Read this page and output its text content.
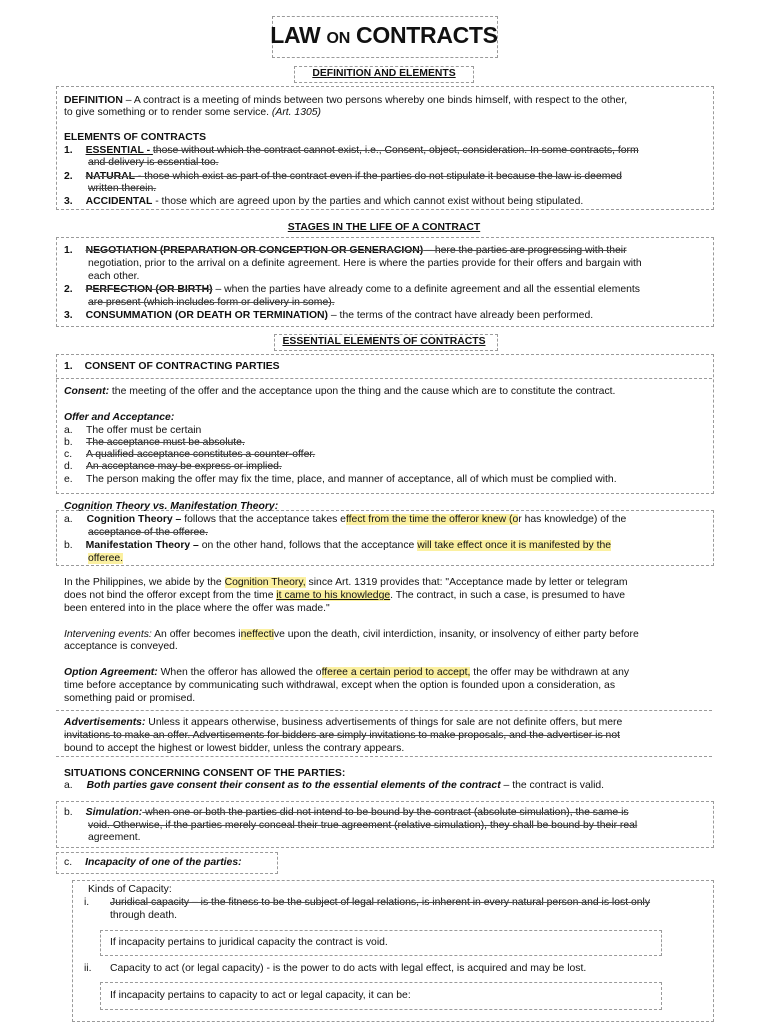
LAW ON CONTRACTS
DEFINITION AND ELEMENTS
DEFINITION – A contract is a meeting of minds between two persons whereby one binds himself, with respect to the other,
to give something or to render some service. (Art. 1305)
ELEMENTS OF CONTRACTS
1. ESSENTIAL - those without which the contract cannot exist, i.e., Consent, object, consideration. In some contracts, form
and delivery is essential too.
2. NATURAL - those which exist as part of the contract even if the parties do not stipulate it because the law is deemed
written therein.
3. ACCIDENTAL - those which are agreed upon by the parties and which cannot exist without being stipulated.
STAGES IN THE LIFE OF A CONTRACT
1. NEGOTIATION (PREPARATION OR CONCEPTION OR GENERACION) – here the parties are progressing with their
negotiation, prior to the arrival on a definite agreement. Here is where the parties provide for their offers and bargain with
each other.
2. PERFECTION (OR BIRTH) – when the parties have already come to a definite agreement and all the essential elements
are present (which includes form or delivery in some).
3. CONSUMMATION (OR DEATH OR TERMINATION) – the terms of the contract have already been performed.
ESSENTIAL ELEMENTS OF CONTRACTS
1. CONSENT OF CONTRACTING PARTIES
Consent: the meeting of the offer and the acceptance upon the thing and the cause which are to constitute the contract.
Offer and Acceptance:
a. The offer must be certain
b. The acceptance must be absolute.
c. A qualified acceptance constitutes a counter-offer.
d. An acceptance may be express or implied.
e. The person making the offer may fix the time, place, and manner of acceptance, all of which must be complied with.
Cognition Theory vs. Manifestation Theory:
a. Cognition Theory – follows that the acceptance takes effect from the time the offeror knew (or has knowledge) of the
acceptance of the offeree.
b. Manifestation Theory – on the other hand, follows that the acceptance will take effect once it is manifested by the
offeree.
In the Philippines, we abide by the Cognition Theory, since Art. 1319 provides that: "Acceptance made by letter or telegram
does not bind the offeror except from the time it came to his knowledge. The contract, in such a case, is presumed to have
been entered into in the place where the offer was made."
Intervening events: An offer becomes ineffective upon the death, civil interdiction, insanity, or insolvency of either party before
acceptance is conveyed.
Option Agreement: When the offeror has allowed the offeree a certain period to accept, the offer may be withdrawn at any
time before acceptance by communicating such withdrawal, except when the option is founded upon a consideration, as
something paid or promised.
Advertisements: Unless it appears otherwise, business advertisements of things for sale are not definite offers, but mere
invitations to make an offer. Advertisements for bidders are simply invitations to make proposals, and the advertiser is not
bound to accept the highest or lowest bidder, unless the contrary appears.
SITUATIONS CONCERNING CONSENT OF THE PARTIES:
a. Both parties gave consent their consent as to the essential elements of the contract – the contract is valid.
b. Simulation: when one or both the parties did not intend to be bound by the contract (absolute simulation), the same is
void. Otherwise, if the parties merely conceal their true agreement (relative simulation), they shall be bound by their real
agreement.
c. Incapacity of one of the parties:
Kinds of Capacity:
i. Juridical capacity – is the fitness to be the subject of legal relations, is inherent in every natural person and is lost only
through death.
If incapacity pertains to juridical capacity the contract is void.
ii. Capacity to act (or legal capacity) - is the power to do acts with legal effect, is acquired and may be lost.
If incapacity pertains to capacity to act or legal capacity, it can be:
